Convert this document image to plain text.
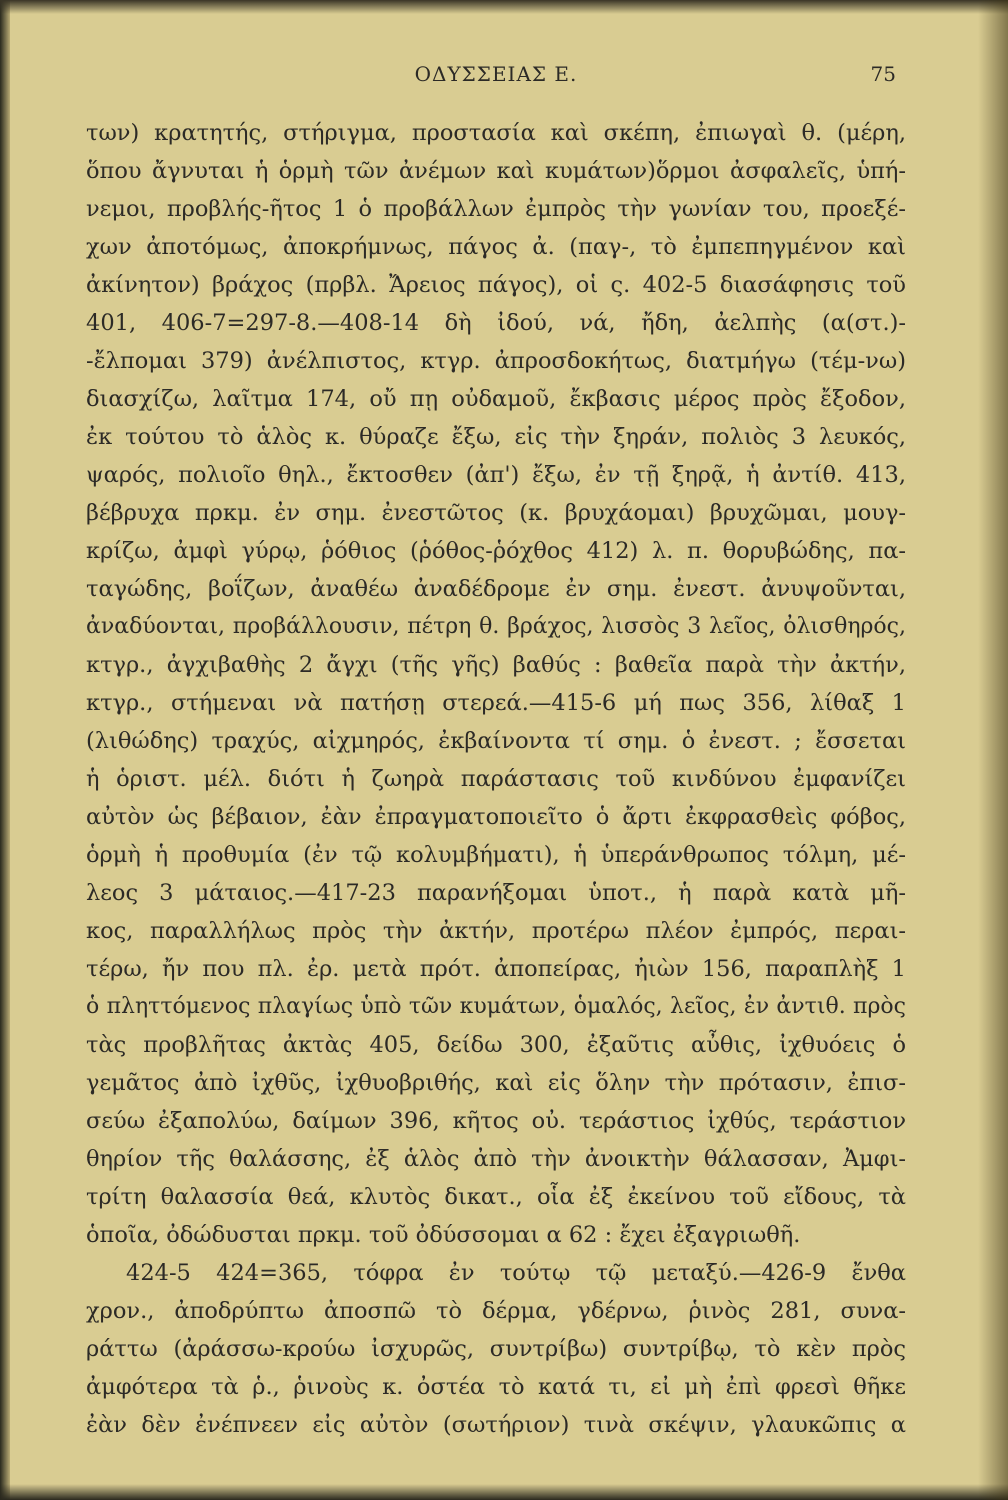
ΟΔΥΣΣΕΙΑΣ Ε.	75
των) κρατητής, στήριγμα, προστασία καὶ σκέπη, ἐπιωγαὶ θ. (μέρη,
ὅπου ἄγνυται ἡ ὁρμὴ τῶν ἀνέμων καὶ κυμάτων)ὅρμοι ἀσφαλεῖς, ὑπή-
νεμοι, προβλής-ῆτος 1 ὁ προβάλλων ἐμπρὸς τὴν γωνίαν του, προεξέ-
χων ἀποτόμως, ἀποκρήμνως, πάγος ἀ. (παγ-, τὸ ἐμπεπηγμένον καὶ
ἀκίνητον) βράχος (πρβλ. Ἄρειος πάγος), οἱ ς. 402-5 διασάφησις τοῦ
401, 406-7=297-8.—408-14 δὴ ἰδού, νά, ἤδη, ἀελπὴς (α(στ.)-
-ἔλπομαι 379) ἀνέλπιστος, κτγρ. ἀπροσδοκήτως, διατμήγω (τέμ-νω)
διασχίζω, λαῖτμα 174, οὔ πῃ οὐδαμοῦ, ἔκβασις μέρος πρὸς ἔξοδον,
ἐκ τούτου τὸ ἁλὸς κ. θύραζε ἔξω, εἰς τὴν ξηράν, πολιὸς 3 λευκός,
ψαρός, πολιοῖο θηλ., ἔκτοσθεν (ἀπ') ἔξω, ἐν τῇ ξηρᾷ, ἡ ἀντίθ. 413,
βέβρυχα πρκμ. ἐν σημ. ἐνεστῶτος (κ. βρυχάομαι) βρυχῶμαι, μουγ-
κρίζω, ἀμφὶ γύρῳ, ῥόθιος (ῥόθος-ῥόχθος 412) λ. π. θορυβώδης, πα-
ταγώδης, βοΐζων, ἀναθέω ἀναδέδρομε ἐν σημ. ἐνεστ. ἀνυψοῦνται,
ἀναδύονται, προβάλλουσιν, πέτρη θ. βράχος, λισσὸς 3 λεῖος, ὀλισθηρός,
κτγρ., ἀγχιβαθὴς 2 ἄγχι (τῆς γῆς) βαθύς : βαθεῖα παρὰ τὴν ἀκτήν,
κτγρ., στήμεναι νὰ πατήσῃ στερεά.—415-6 μή πως 356, λίθαξ 1
(λιθώδης) τραχύς, αἰχμηρός, ἐκβαίνοντα τί σημ. ὁ ἐνεστ. ; ἔσσεται
ἡ ὁριστ. μέλ. διότι ἡ ζωηρὰ παράστασις τοῦ κινδύνου ἐμφανίζει
αὐτὸν ὡς βέβαιον, ἐὰν ἐπραγματοποιεῖτο ὁ ἄρτι ἐκφρασθεὶς φόβος,
ὁρμὴ ἡ προθυμία (ἐν τῷ κολυμβήματι), ἡ ὑπεράνθρωπος τόλμη, μέ-
λεος 3 μάταιος.—417-23 παρανήξομαι ὑποτ., ἡ παρὰ κατὰ μῆ-
κος, παραλλήλως πρὸς τὴν ἀκτήν, προτέρω πλέον ἐμπρός, περαι-
τέρω, ἤν που πλ. ἐρ. μετὰ πρότ. ἀποπείρας, ἠιὼν 156, παραπλὴξ 1
ὁ πληττόμενος πλαγίως ὑπὸ τῶν κυμάτων, ὁμαλός, λεῖος, ἐν ἀντιθ. πρὸς
τὰς προβλῆτας ἀκτὰς 405, δείδω 300, ἐξαῦτις αὖθις, ἰχθυόεις ὁ
γεμᾶτος ἀπὸ ἰχθῦς, ἰχθυοβριθής, καὶ εἰς ὅλην τὴν πρότασιν, ἐπισ-
σεύω ἐξαπολύω, δαίμων 396, κῆτος οὐ. τεράστιος ἰχθύς, τεράστιον
θηρίον τῆς θαλάσσης, ἐξ ἁλὸς ἀπὸ τὴν ἀνοικτὴν θάλασσαν, Ἀμφι-
τρίτη θαλασσία θεά, κλυτὸς δικατ., οἷα ἐξ ἐκείνου τοῦ εἴδους, τὰ
ὁποῖα, ὀδώδυσται πρκμ. τοῦ ὀδύσσομαι α 62 : ἔχει ἐξαγριωθῆ.
424-5 424=365, τόφρα ἐν τούτῳ τῷ μεταξύ.—426-9 ἔνθα
χρον., ἀποδρύπτω ἀποσπῶ τὸ δέρμα, γδέρνω, ῥινὸς 281, συνα-
ράττω (ἀράσσω-κρούω ἰσχυρῶς, συντρίβω) συντρίβῳ, τὸ κὲν πρὸς
ἀμφότερα τὰ ῥ., ῥινοὺς κ. ὀστέα τὸ κατά τι, εἰ μὴ ἐπὶ φρεσὶ θῆκε
ἐὰν δὲν ἐνέπνεεν εἰς αὐτὸν (σωτήριον) τινὰ σκέψιν, γλαυκῶπις α
